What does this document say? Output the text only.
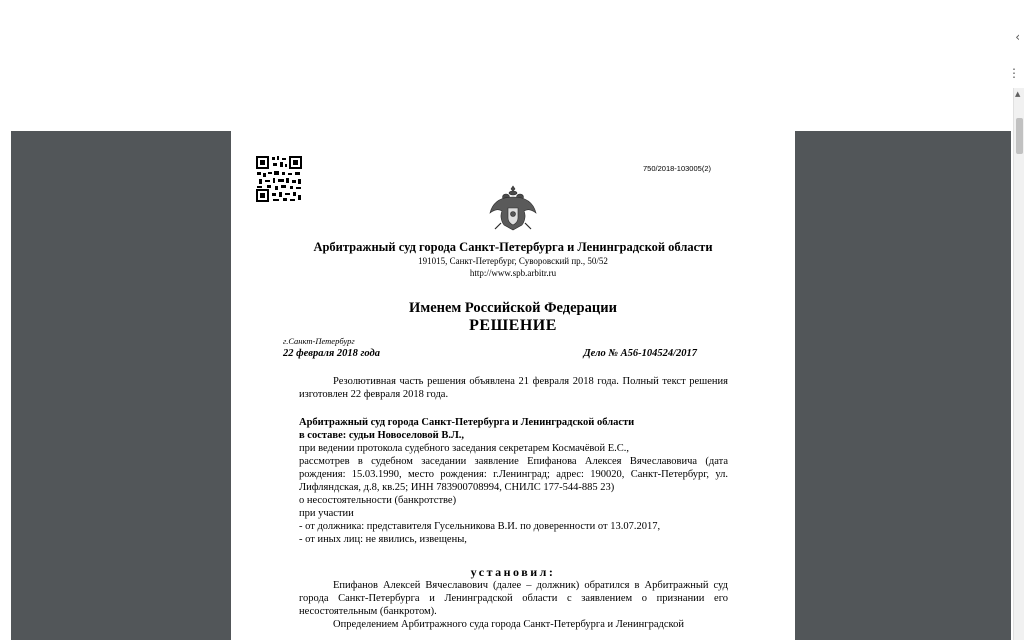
‹
⋮
750/2018-103005(2)
Арбитражный суд города Санкт-Петербурга и Ленинградской области
191015, Санкт-Петербург, Суворовский пр., 50/52
http://www.spb.arbitr.ru
Именем Российской Федерации
РЕШЕНИЕ
г.Санкт-Петербург
22 февраля 2018 года	Дело № А56-104524/2017
Резолютивная часть решения объявлена 21 февраля 2018 года. Полный текст решения изготовлен 22 февраля 2018 года.
Арбитражный суд города Санкт-Петербурга и Ленинградской области
в составе: судьи Новоселовой В.Л.,
при ведении протокола судебного заседания секретарем Космачёвой Е.С.,
рассмотрев в судебном заседании заявление Епифанова Алексея Вячеславовича (дата рождения: 15.03.1990, место рождения: г.Ленинград; адрес: 190020, Санкт-Петербург, ул. Лифляндская, д.8, кв.25; ИНН 783900708994, СНИЛС 177-544-885 23)
о несостоятельности (банкротстве)
при участии
- от должника: представителя Гусельникова В.И. по доверенности от 13.07.2017,
- от иных лиц: не явились, извещены,
установил:
Епифанов Алексей Вячеславович (далее – должник) обратился в Арбитражный суд города Санкт-Петербурга и Ленинградской области с заявлением о признании его несостоятельным (банкротом).
Определением Арбитражного суда города Санкт-Петербурга и Ленинградской
▲
